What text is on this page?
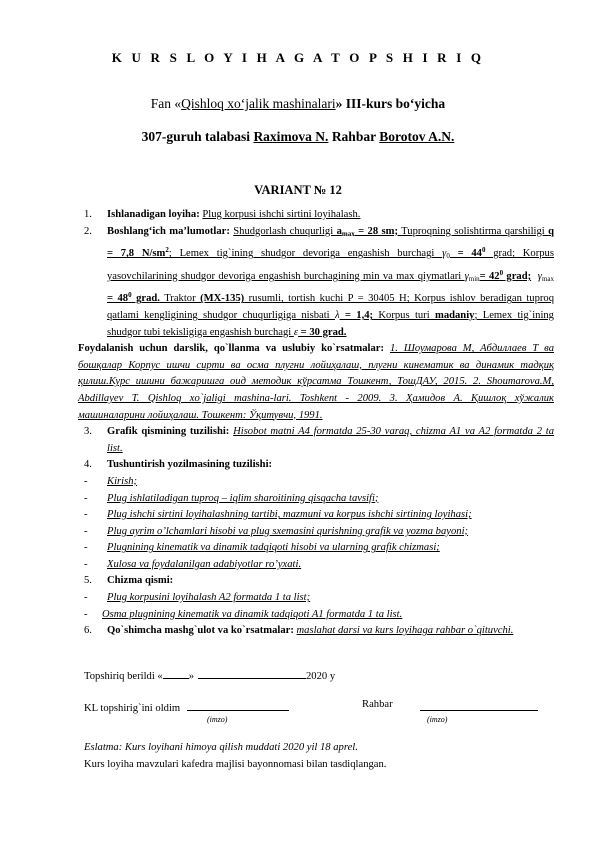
K U R S L O Y I H A G A T O P S H I R I Q
Fan «Qishloq xo‘jalik mashinalari» III-kurs bo‘yicha
307-guruh talabasi Raximova N. Rahbar Borotov A.N.
VARIANT № 12
1. Ishlanadigan loyiha: Plug korpusi ishchi sirtini loyihalash.
2. Boshlang‘ich ma’lumotlar: Shudgorlash chuqurligi $a_{max} = 28$ sm; Tuproqning solishtirma qarshiligi q = 7,8 $N/sm^2$; Lemex tig`ining shudgor devoriga engashish burchagi $\gamma_0 = 44^0$ grad; Korpus yasovchilarining shudgor devoriga engashish burchagining min va max qiymatlari $\gamma_{min}= 42^0$ grad; $\gamma_{max} = 48^0$ grad. Traktor (MX-135) rusumli, tortish kuchi P = 30405 H; Korpus ishlov beradigan tuproq qatlami kengligining shudgor chuqurligiga nisbati λ = 1,4; Korpus turi madaniy; Lemex tig`ining shudgor tubi tekisligiga engashish burchagi ε = 30 grad.
Foydalanish uchun darslik, qo`llanma va uslubiy ko`rsatmalar: 1. Шоумарова М, Абдиллаев Т ва бошқалар Корпус ишчи сирти ва осма плугни лойиҳалаш, плугни кинематик ва динамик тадқиқ қилиш.Курс ишини бажаришга оид методик кўрсатма Тошкент, ТошДАУ, 2015. 2. Shoumarova.M, Abdillayev T. Qishloq xo`jaligi mashina-lari. Toshkent - 2009. 3. Ҳамидов А. Қишлоқ хўжалик машиналарини лойиҳалаш. Тошкент: Ўқитувчи, 1991.
3. Grafik qismining tuzilishi: Hisobot matni A4 formatda 25-30 varaq, chizma A1 va A2 formatda 2 ta list.
4. Tushuntirish yozilmasining tuzilishi:
- Kirish;
- Plug ishlatiladigan tuproq – iqlim sharoitining qisqacha tavsifi;
- Plug ishchi sirtini loyihalashning tartibi, mazmuni va korpus ishchi sirtining loyihasi;
- Plug ayrim o’lchamlari hisobi va plug sxemasini qurishning grafik va yozma bayoni;
- Plugnining kinematik va dinamik tadqiqoti hisobi va ularning grafik chizmasi;
- Xulosa va foydalanilgan adabiyotlar ro’yxati.
5. Chizma qismi:
- Plug korpusini loyihalash A2 formatda 1 ta list;
- Osma plugnining kinematik va dinamik tadqiqoti A1 formatda 1 ta list.
6. Qo`shimcha mashg`ulot va ko`rsatmalar: maslahat darsi va kurs loyihaga rahbar o`qituvchi.
Topshiriq berildi « »	2020 y
KL topshirig`ini oldim	Rahbar
(imzo)	(imzo)
Eslatma: Kurs loyihani himoya qilish muddati 2020 yil 18 aprel.
Kurs loyiha mavzulari kafedra majlisi bayonnomasi bilan tasdiqlangan.
